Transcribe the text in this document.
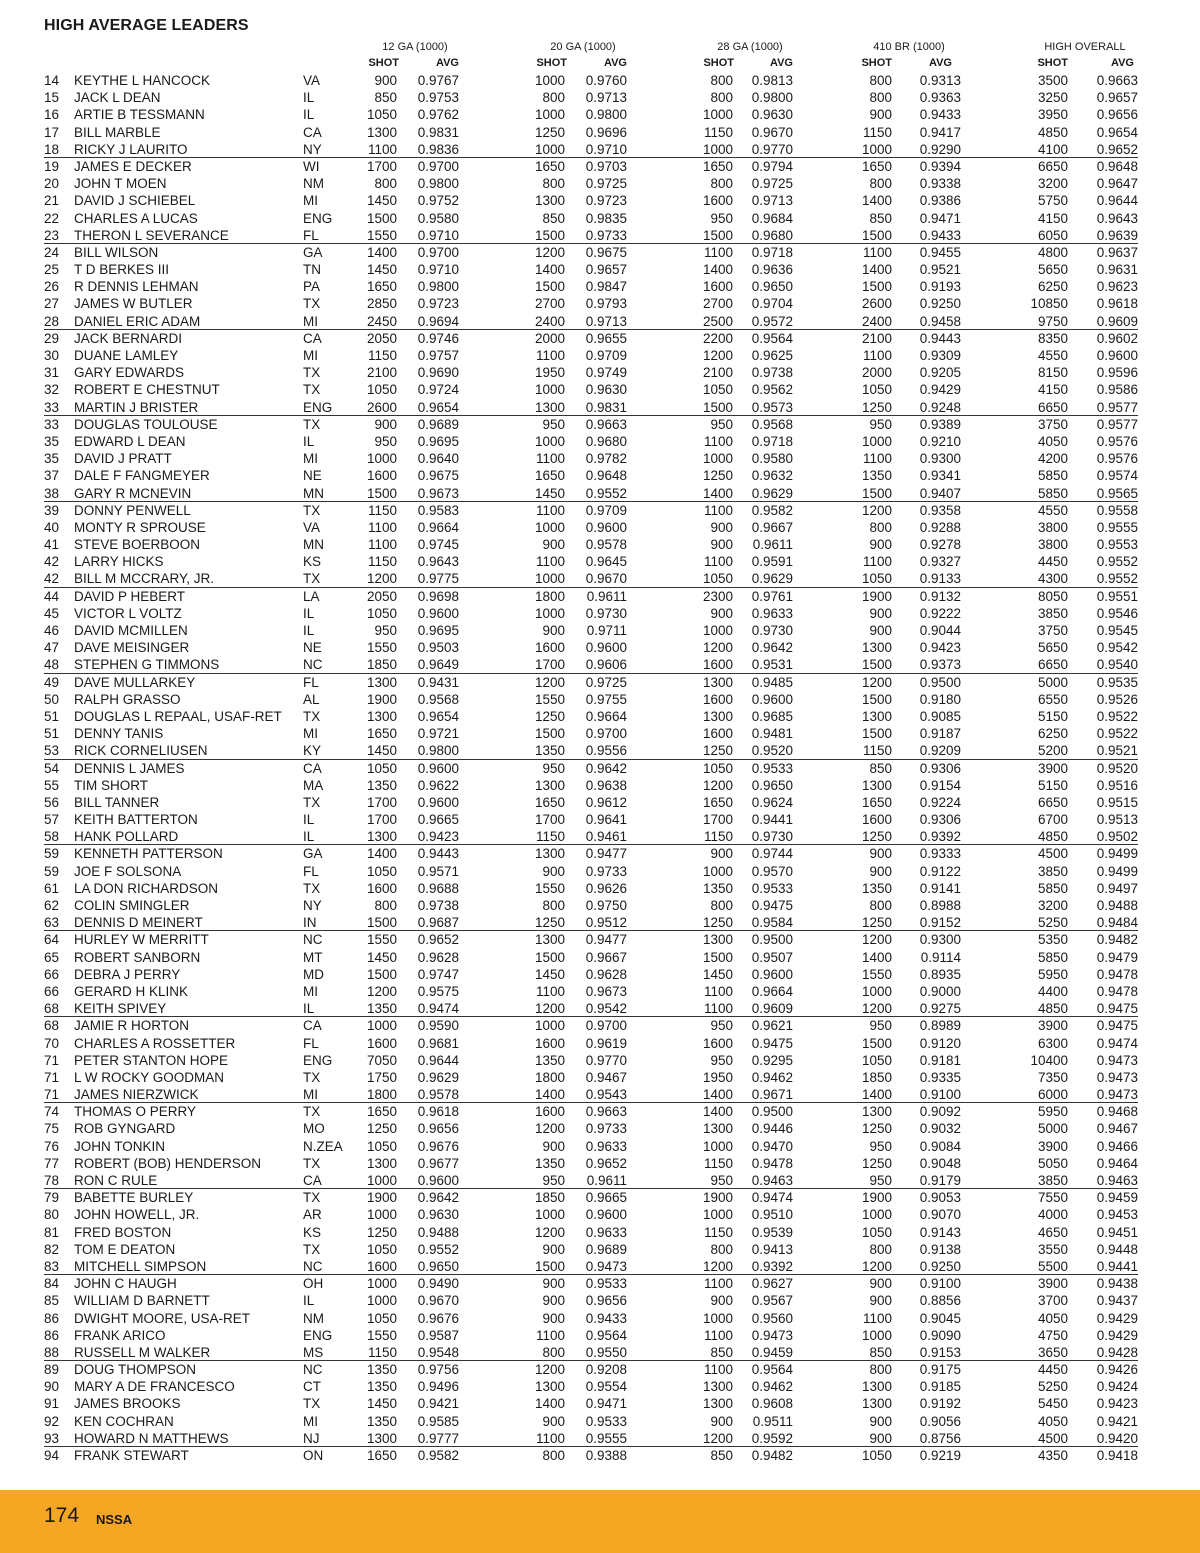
HIGH AVERAGE LEADERS
12 GA (1000)	20 GA (1000)	28 GA (1000)	410 BR (1000)	HIGH OVERALL
SHOT	AVG	SHOT	AVG	SHOT	AVG	SHOT	AVG	SHOT	AVG
14 KEYTHE L HANCOCK	VA	900 0.9767	1000 0.9760	800 0.9813	800 0.9313	3500 0.9663
15 JACK L DEAN	IL	850 0.9753	800 0.9713	800 0.9800	800 0.9363	3250 0.9657
16 ARTIE B TESSMANN	IL	1050 0.9762	1000 0.9800	1000 0.9630	900 0.9433	3950 0.9656
17 BILL MARBLE	CA	1300 0.9831	1250 0.9696	1150 0.9670	1150 0.9417	4850 0.9654
18 RICKY J LAURITO	NY	1100 0.9836	1000 0.9710	1000 0.9770	1000 0.9290	4100 0.9652
19 JAMES E DECKER	WI	1700 0.9700	1650 0.9703	1650 0.9794	1650 0.9394	6650 0.9648
20 JOHN T MOEN	NM	800 0.9800	800 0.9725	800 0.9725	800 0.9338	3200 0.9647
21 DAVID J SCHIEBEL	MI	1450 0.9752	1300 0.9723	1600 0.9713	1400 0.9386	5750 0.9644
22 CHARLES A LUCAS	ENG	1500 0.9580	850 0.9835	950 0.9684	850 0.9471	4150 0.9643
23 THERON L SEVERANCE	FL	1550 0.9710	1500 0.9733	1500 0.9680	1500 0.9433	6050 0.9639
24 BILL WILSON	GA	1400 0.9700	1200 0.9675	1100 0.9718	1100 0.9455	4800 0.9637
25 T D BERKES III	TN	1450 0.9710	1400 0.9657	1400 0.9636	1400 0.9521	5650 0.9631
26 R DENNIS LEHMAN	PA	1650 0.9800	1500 0.9847	1600 0.9650	1500 0.9193	6250 0.9623
27 JAMES W BUTLER	TX	2850 0.9723	2700 0.9793	2700 0.9704	2600 0.9250	10850 0.9618
28 DANIEL ERIC ADAM	MI	2450 0.9694	2400 0.9713	2500 0.9572	2400 0.9458	9750 0.9609
29 JACK BERNARDI	CA	2050 0.9746	2000 0.9655	2200 0.9564	2100 0.9443	8350 0.9602
30 DUANE LAMLEY	MI	1150 0.9757	1100 0.9709	1200 0.9625	1100 0.9309	4550 0.9600
31 GARY EDWARDS	TX	2100 0.9690	1950 0.9749	2100 0.9738	2000 0.9205	8150 0.9596
32 ROBERT E CHESTNUT	TX	1050 0.9724	1000 0.9630	1050 0.9562	1050 0.9429	4150 0.9586
33 MARTIN J BRISTER	ENG	2600 0.9654	1300 0.9831	1500 0.9573	1250 0.9248	6650 0.9577
33 DOUGLAS TOULOUSE	TX	900 0.9689	950 0.9663	950 0.9568	950 0.9389	3750 0.9577
35 EDWARD L DEAN	IL	950 0.9695	1000 0.9680	1100 0.9718	1000 0.9210	4050 0.9576
35 DAVID J PRATT	MI	1000 0.9640	1100 0.9782	1000 0.9580	1100 0.9300	4200 0.9576
37 DALE F FANGMEYER	NE	1600 0.9675	1650 0.9648	1250 0.9632	1350 0.9341	5850 0.9574
38 GARY R MCNEVIN	MN	1500 0.9673	1450 0.9552	1400 0.9629	1500 0.9407	5850 0.9565
39 DONNY PENWELL	TX	1150 0.9583	1100 0.9709	1100 0.9582	1200 0.9358	4550 0.9558
40 MONTY R SPROUSE	VA	1100 0.9664	1000 0.9600	900 0.9667	800 0.9288	3800 0.9555
41 STEVE BOERBOON	MN	1100 0.9745	900 0.9578	900 0.9611	900 0.9278	3800 0.9553
42 LARRY HICKS	KS	1150 0.9643	1100 0.9645	1100 0.9591	1100 0.9327	4450 0.9552
42 BILL M MCCRARY, JR.	TX	1200 0.9775	1000 0.9670	1050 0.9629	1050 0.9133	4300 0.9552
44 DAVID P HEBERT	LA	2050 0.9698	1800 0.9611	2300 0.9761	1900 0.9132	8050 0.9551
45 VICTOR L VOLTZ	IL	1050 0.9600	1000 0.9730	900 0.9633	900 0.9222	3850 0.9546
46 DAVID MCMILLEN	IL	950 0.9695	900 0.9711	1000 0.9730	900 0.9044	3750 0.9545
47 DAVE MEISINGER	NE	1550 0.9503	1600 0.9600	1200 0.9642	1300 0.9423	5650 0.9542
48 STEPHEN G TIMMONS	NC	1850 0.9649	1700 0.9606	1600 0.9531	1500 0.9373	6650 0.9540
49 DAVE MULLARKEY	FL	1300 0.9431	1200 0.9725	1300 0.9485	1200 0.9500	5000 0.9535
50 RALPH GRASSO	AL	1900 0.9568	1550 0.9755	1600 0.9600	1500 0.9180	6550 0.9526
51 DOUGLAS L REPAAL, USAF-RET TX	1300 0.9654	1250 0.9664	1300 0.9685	1300 0.9085	5150 0.9522
51 DENNY TANIS	MI	1650 0.9721	1500 0.9700	1600 0.9481	1500 0.9187	6250 0.9522
53 RICK CORNELIUSEN	KY	1450 0.9800	1350 0.9556	1250 0.9520	1150 0.9209	5200 0.9521
54 DENNIS L JAMES	CA	1050 0.9600	950 0.9642	1050 0.9533	850 0.9306	3900 0.9520
55 TIM SHORT	MA	1350 0.9622	1300 0.9638	1200 0.9650	1300 0.9154	5150 0.9516
56 BILL TANNER	TX	1700 0.9600	1650 0.9612	1650 0.9624	1650 0.9224	6650 0.9515
57 KEITH BATTERTON	IL	1700 0.9665	1700 0.9641	1700 0.9441	1600 0.9306	6700 0.9513
58 HANK POLLARD	IL	1300 0.9423	1150 0.9461	1150 0.9730	1250 0.9392	4850 0.9502
59 KENNETH PATTERSON	GA	1400 0.9443	1300 0.9477	900 0.9744	900 0.9333	4500 0.9499
59 JOE F SOLSONA	FL	1050 0.9571	900 0.9733	1000 0.9570	900 0.9122	3850 0.9499
61 LA DON RICHARDSON	TX	1600 0.9688	1550 0.9626	1350 0.9533	1350 0.9141	5850 0.9497
62 COLIN SMINGLER	NY	800 0.9738	800 0.9750	800 0.9475	800 0.8988	3200 0.9488
63 DENNIS D MEINERT	IN	1500 0.9687	1250 0.9512	1250 0.9584	1250 0.9152	5250 0.9484
64 HURLEY W MERRITT	NC	1550 0.9652	1300 0.9477	1300 0.9500	1200 0.9300	5350 0.9482
65 ROBERT SANBORN	MT	1450 0.9628	1500 0.9667	1500 0.9507	1400 0.9114	5850 0.9479
66 DEBRA J PERRY	MD	1500 0.9747	1450 0.9628	1450 0.9600	1550 0.8935	5950 0.9478
66 GERARD H KLINK	MI	1200 0.9575	1100 0.9673	1100 0.9664	1000 0.9000	4400 0.9478
68 KEITH SPIVEY	IL	1350 0.9474	1200 0.9542	1100 0.9609	1200 0.9275	4850 0.9475
68 JAMIE R HORTON	CA	1000 0.9590	1000 0.9700	950 0.9621	950 0.8989	3900 0.9475
70 CHARLES A ROSSETTER	FL	1600 0.9681	1600 0.9619	1600 0.9475	1500 0.9120	6300 0.9474
71 PETER STANTON HOPE	ENG	7050 0.9644	1350 0.9770	950 0.9295	1050 0.9181	10400 0.9473
71 L W ROCKY GOODMAN	TX	1750 0.9629	1800 0.9467	1950 0.9462	1850 0.9335	7350 0.9473
71 JAMES NIERZWICK	MI	1800 0.9578	1400 0.9543	1400 0.9671	1400 0.9100	6000 0.9473
74 THOMAS O PERRY	TX	1650 0.9618	1600 0.9663	1400 0.9500	1300 0.9092	5950 0.9468
75 ROB GYNGARD	MO	1250 0.9656	1200 0.9733	1300 0.9446	1250 0.9032	5000 0.9467
76 JOHN TONKIN	N.ZEA 1050 0.9676	900 0.9633	1000 0.9470	950 0.9084	3900 0.9466
77 ROBERT (BOB) HENDERSON	TX	1300 0.9677	1350 0.9652	1150 0.9478	1250 0.9048	5050 0.9464
78 RON C RULE	CA	1000 0.9600	950 0.9611	950 0.9463	950 0.9179	3850 0.9463
79 BABETTE BURLEY	TX	1900 0.9642	1850 0.9665	1900 0.9474	1900 0.9053	7550 0.9459
80 JOHN HOWELL, JR.	AR	1000 0.9630	1000 0.9600	1000 0.9510	1000 0.9070	4000 0.9453
81 FRED BOSTON	KS	1250 0.9488	1200 0.9633	1150 0.9539	1050 0.9143	4650 0.9451
82 TOM E DEATON	TX	1050 0.9552	900 0.9689	800 0.9413	800 0.9138	3550 0.9448
83 MITCHELL SIMPSON	NC	1600 0.9650	1500 0.9473	1200 0.9392	1200 0.9250	5500 0.9441
84 JOHN C HAUGH	OH	1000 0.9490	900 0.9533	1100 0.9627	900 0.9100	3900 0.9438
85 WILLIAM D BARNETT	IL	1000 0.9670	900 0.9656	900 0.9567	900 0.8856	3700 0.9437
86 DWIGHT MOORE, USA-RET	NM	1050 0.9676	900 0.9433	1000 0.9560	1100 0.9045	4050 0.9429
86 FRANK ARICO	ENG	1550 0.9587	1100 0.9564	1100 0.9473	1000 0.9090	4750 0.9429
88 RUSSELL M WALKER	MS	1150 0.9548	800 0.9550	850 0.9459	850 0.9153	3650 0.9428
89 DOUG THOMPSON	NC	1350 0.9756	1200 0.9208	1100 0.9564	800 0.9175	4450 0.9426
90 MARY A DE FRANCESCO	CT	1350 0.9496	1300 0.9554	1300 0.9462	1300 0.9185	5250 0.9424
91 JAMES BROOKS	TX	1450 0.9421	1400 0.9471	1300 0.9608	1300 0.9192	5450 0.9423
92 KEN COCHRAN	MI	1350 0.9585	900 0.9533	900 0.9511	900 0.9056	4050 0.9421
93 HOWARD N MATTHEWS	NJ	1300 0.9777	1100 0.9555	1200 0.9592	900 0.8756	4500 0.9420
94 FRANK STEWART	ON	1650 0.9582	800 0.9388	850 0.9482	1050 0.9219	4350 0.9418
174 NSSA
